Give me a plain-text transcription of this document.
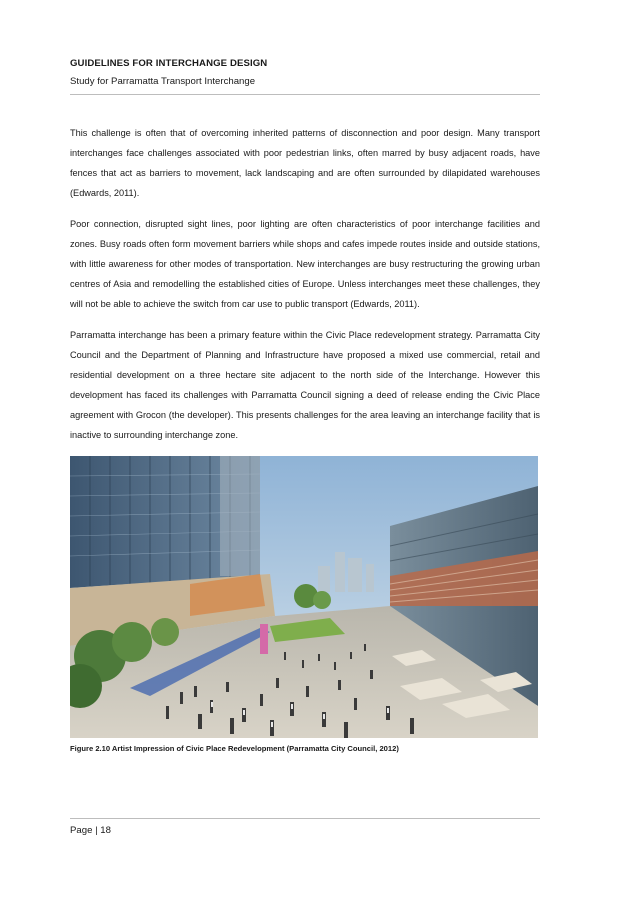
GUIDELINES FOR INTERCHANGE DESIGN
Study for Parramatta Transport Interchange

This challenge is often that of overcoming inherited patterns of disconnection and poor design. Many transport interchanges face challenges associated with poor pedestrian links, often marred by busy adjacent roads, have fences that act as barriers to movement, lack landscaping and are often surrounded by dilapidated warehouses (Edwards, 2011).

Poor connection, disrupted sight lines, poor lighting are often characteristics of poor interchange facilities and zones. Busy roads often form movement barriers while shops and cafes impede routes inside and outside stations, with little awareness for other modes of transportation. New interchanges are busy restructuring the growing urban centres of Asia and remodelling the established cities of Europe. Unless interchanges meet these challenges, they will not be able to achieve the switch from car use to public transport (Edwards, 2011).

Parramatta interchange has been a primary feature within the Civic Place redevelopment strategy. Parramatta City Council and the Department of Planning and Infrastructure have proposed a mixed use commercial, retail and residential development on a three hectare site adjacent to the north side of the Interchange. However this development has faced its challenges with Parramatta Council signing a deed of release ending the Civic Place agreement with Grocon (the developer). This presents challenges for the area leaving an interchange facility that is inactive to surrounding interchange zone.

Figure 2.10 Artist Impression of Civic Place Redevelopment (Parramatta City Council, 2012)
Page | 18
